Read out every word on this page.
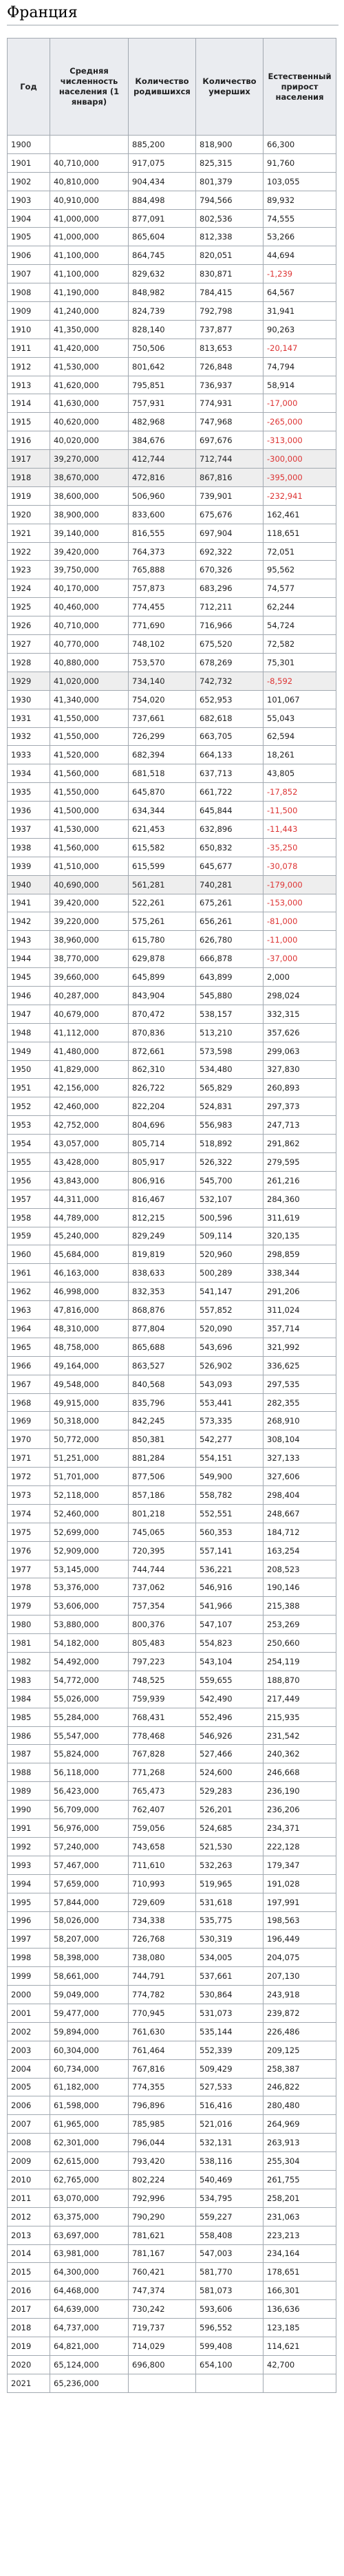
Франция
Год	Средняя численность населения (1 января)	Количество родившихся	Количество умерших	Естественный прирост населения
1900		885,200	818,900	66,300
1901	40,710,000	917,075	825,315	91,760
1902	40,810,000	904,434	801,379	103,055
1903	40,910,000	884,498	794,566	89,932
1904	41,000,000	877,091	802,536	74,555
1905	41,000,000	865,604	812,338	53,266
1906	41,100,000	864,745	820,051	44,694
1907	41,100,000	829,632	830,871	-1,239
1908	41,190,000	848,982	784,415	64,567
1909	41,240,000	824,739	792,798	31,941
1910	41,350,000	828,140	737,877	90,263
1911	41,420,000	750,506	813,653	-20,147
1912	41,530,000	801,642	726,848	74,794
1913	41,620,000	795,851	736,937	58,914
1914	41,630,000	757,931	774,931	-17,000
1915	40,620,000	482,968	747,968	-265,000
1916	40,020,000	384,676	697,676	-313,000
1917	39,270,000	412,744	712,744	-300,000
1918	38,670,000	472,816	867,816	-395,000
1919	38,600,000	506,960	739,901	-232,941
1920	38,900,000	833,600	675,676	162,461
1921	39,140,000	816,555	697,904	118,651
1922	39,420,000	764,373	692,322	72,051
1923	39,750,000	765,888	670,326	95,562
1924	40,170,000	757,873	683,296	74,577
1925	40,460,000	774,455	712,211	62,244
1926	40,710,000	771,690	716,966	54,724
1927	40,770,000	748,102	675,520	72,582
1928	40,880,000	753,570	678,269	75,301
1929	41,020,000	734,140	742,732	-8,592
1930	41,340,000	754,020	652,953	101,067
1931	41,550,000	737,661	682,618	55,043
1932	41,550,000	726,299	663,705	62,594
1933	41,520,000	682,394	664,133	18,261
1934	41,560,000	681,518	637,713	43,805
1935	41,550,000	645,870	661,722	-17,852
1936	41,500,000	634,344	645,844	-11,500
1937	41,530,000	621,453	632,896	-11,443
1938	41,560,000	615,582	650,832	-35,250
1939	41,510,000	615,599	645,677	-30,078
1940	40,690,000	561,281	740,281	-179,000
1941	39,420,000	522,261	675,261	-153,000
1942	39,220,000	575,261	656,261	-81,000
1943	38,960,000	615,780	626,780	-11,000
1944	38,770,000	629,878	666,878	-37,000
1945	39,660,000	645,899	643,899	2,000
1946	40,287,000	843,904	545,880	298,024
1947	40,679,000	870,472	538,157	332,315
1948	41,112,000	870,836	513,210	357,626
1949	41,480,000	872,661	573,598	299,063
1950	41,829,000	862,310	534,480	327,830
1951	42,156,000	826,722	565,829	260,893
1952	42,460,000	822,204	524,831	297,373
1953	42,752,000	804,696	556,983	247,713
1954	43,057,000	805,714	518,892	291,862
1955	43,428,000	805,917	526,322	279,595
1956	43,843,000	806,916	545,700	261,216
1957	44,311,000	816,467	532,107	284,360
1958	44,789,000	812,215	500,596	311,619
1959	45,240,000	829,249	509,114	320,135
1960	45,684,000	819,819	520,960	298,859
1961	46,163,000	838,633	500,289	338,344
1962	46,998,000	832,353	541,147	291,206
1963	47,816,000	868,876	557,852	311,024
1964	48,310,000	877,804	520,090	357,714
1965	48,758,000	865,688	543,696	321,992
1966	49,164,000	863,527	526,902	336,625
1967	49,548,000	840,568	543,093	297,535
1968	49,915,000	835,796	553,441	282,355
1969	50,318,000	842,245	573,335	268,910
1970	50,772,000	850,381	542,277	308,104
1971	51,251,000	881,284	554,151	327,133
1972	51,701,000	877,506	549,900	327,606
1973	52,118,000	857,186	558,782	298,404
1974	52,460,000	801,218	552,551	248,667
1975	52,699,000	745,065	560,353	184,712
1976	52,909,000	720,395	557,141	163,254
1977	53,145,000	744,744	536,221	208,523
1978	53,376,000	737,062	546,916	190,146
1979	53,606,000	757,354	541,966	215,388
1980	53,880,000	800,376	547,107	253,269
1981	54,182,000	805,483	554,823	250,660
1982	54,492,000	797,223	543,104	254,119
1983	54,772,000	748,525	559,655	188,870
1984	55,026,000	759,939	542,490	217,449
1985	55,284,000	768,431	552,496	215,935
1986	55,547,000	778,468	546,926	231,542
1987	55,824,000	767,828	527,466	240,362
1988	56,118,000	771,268	524,600	246,668
1989	56,423,000	765,473	529,283	236,190
1990	56,709,000	762,407	526,201	236,206
1991	56,976,000	759,056	524,685	234,371
1992	57,240,000	743,658	521,530	222,128
1993	57,467,000	711,610	532,263	179,347
1994	57,659,000	710,993	519,965	191,028
1995	57,844,000	729,609	531,618	197,991
1996	58,026,000	734,338	535,775	198,563
1997	58,207,000	726,768	530,319	196,449
1998	58,398,000	738,080	534,005	204,075
1999	58,661,000	744,791	537,661	207,130
2000	59,049,000	774,782	530,864	243,918
2001	59,477,000	770,945	531,073	239,872
2002	59,894,000	761,630	535,144	226,486
2003	60,304,000	761,464	552,339	209,125
2004	60,734,000	767,816	509,429	258,387
2005	61,182,000	774,355	527,533	246,822
2006	61,598,000	796,896	516,416	280,480
2007	61,965,000	785,985	521,016	264,969
2008	62,301,000	796,044	532,131	263,913
2009	62,615,000	793,420	538,116	255,304
2010	62,765,000	802,224	540,469	261,755
2011	63,070,000	792,996	534,795	258,201
2012	63,375,000	790,290	559,227	231,063
2013	63,697,000	781,621	558,408	223,213
2014	63,981,000	781,167	547,003	234,164
2015	64,300,000	760,421	581,770	178,651
2016	64,468,000	747,374	581,073	166,301
2017	64,639,000	730,242	593,606	136,636
2018	64,737,000	719,737	596,552	123,185
2019	64,821,000	714,029	599,408	114,621
2020	65,124,000	696,800	654,100	42,700
2021	65,236,000			
